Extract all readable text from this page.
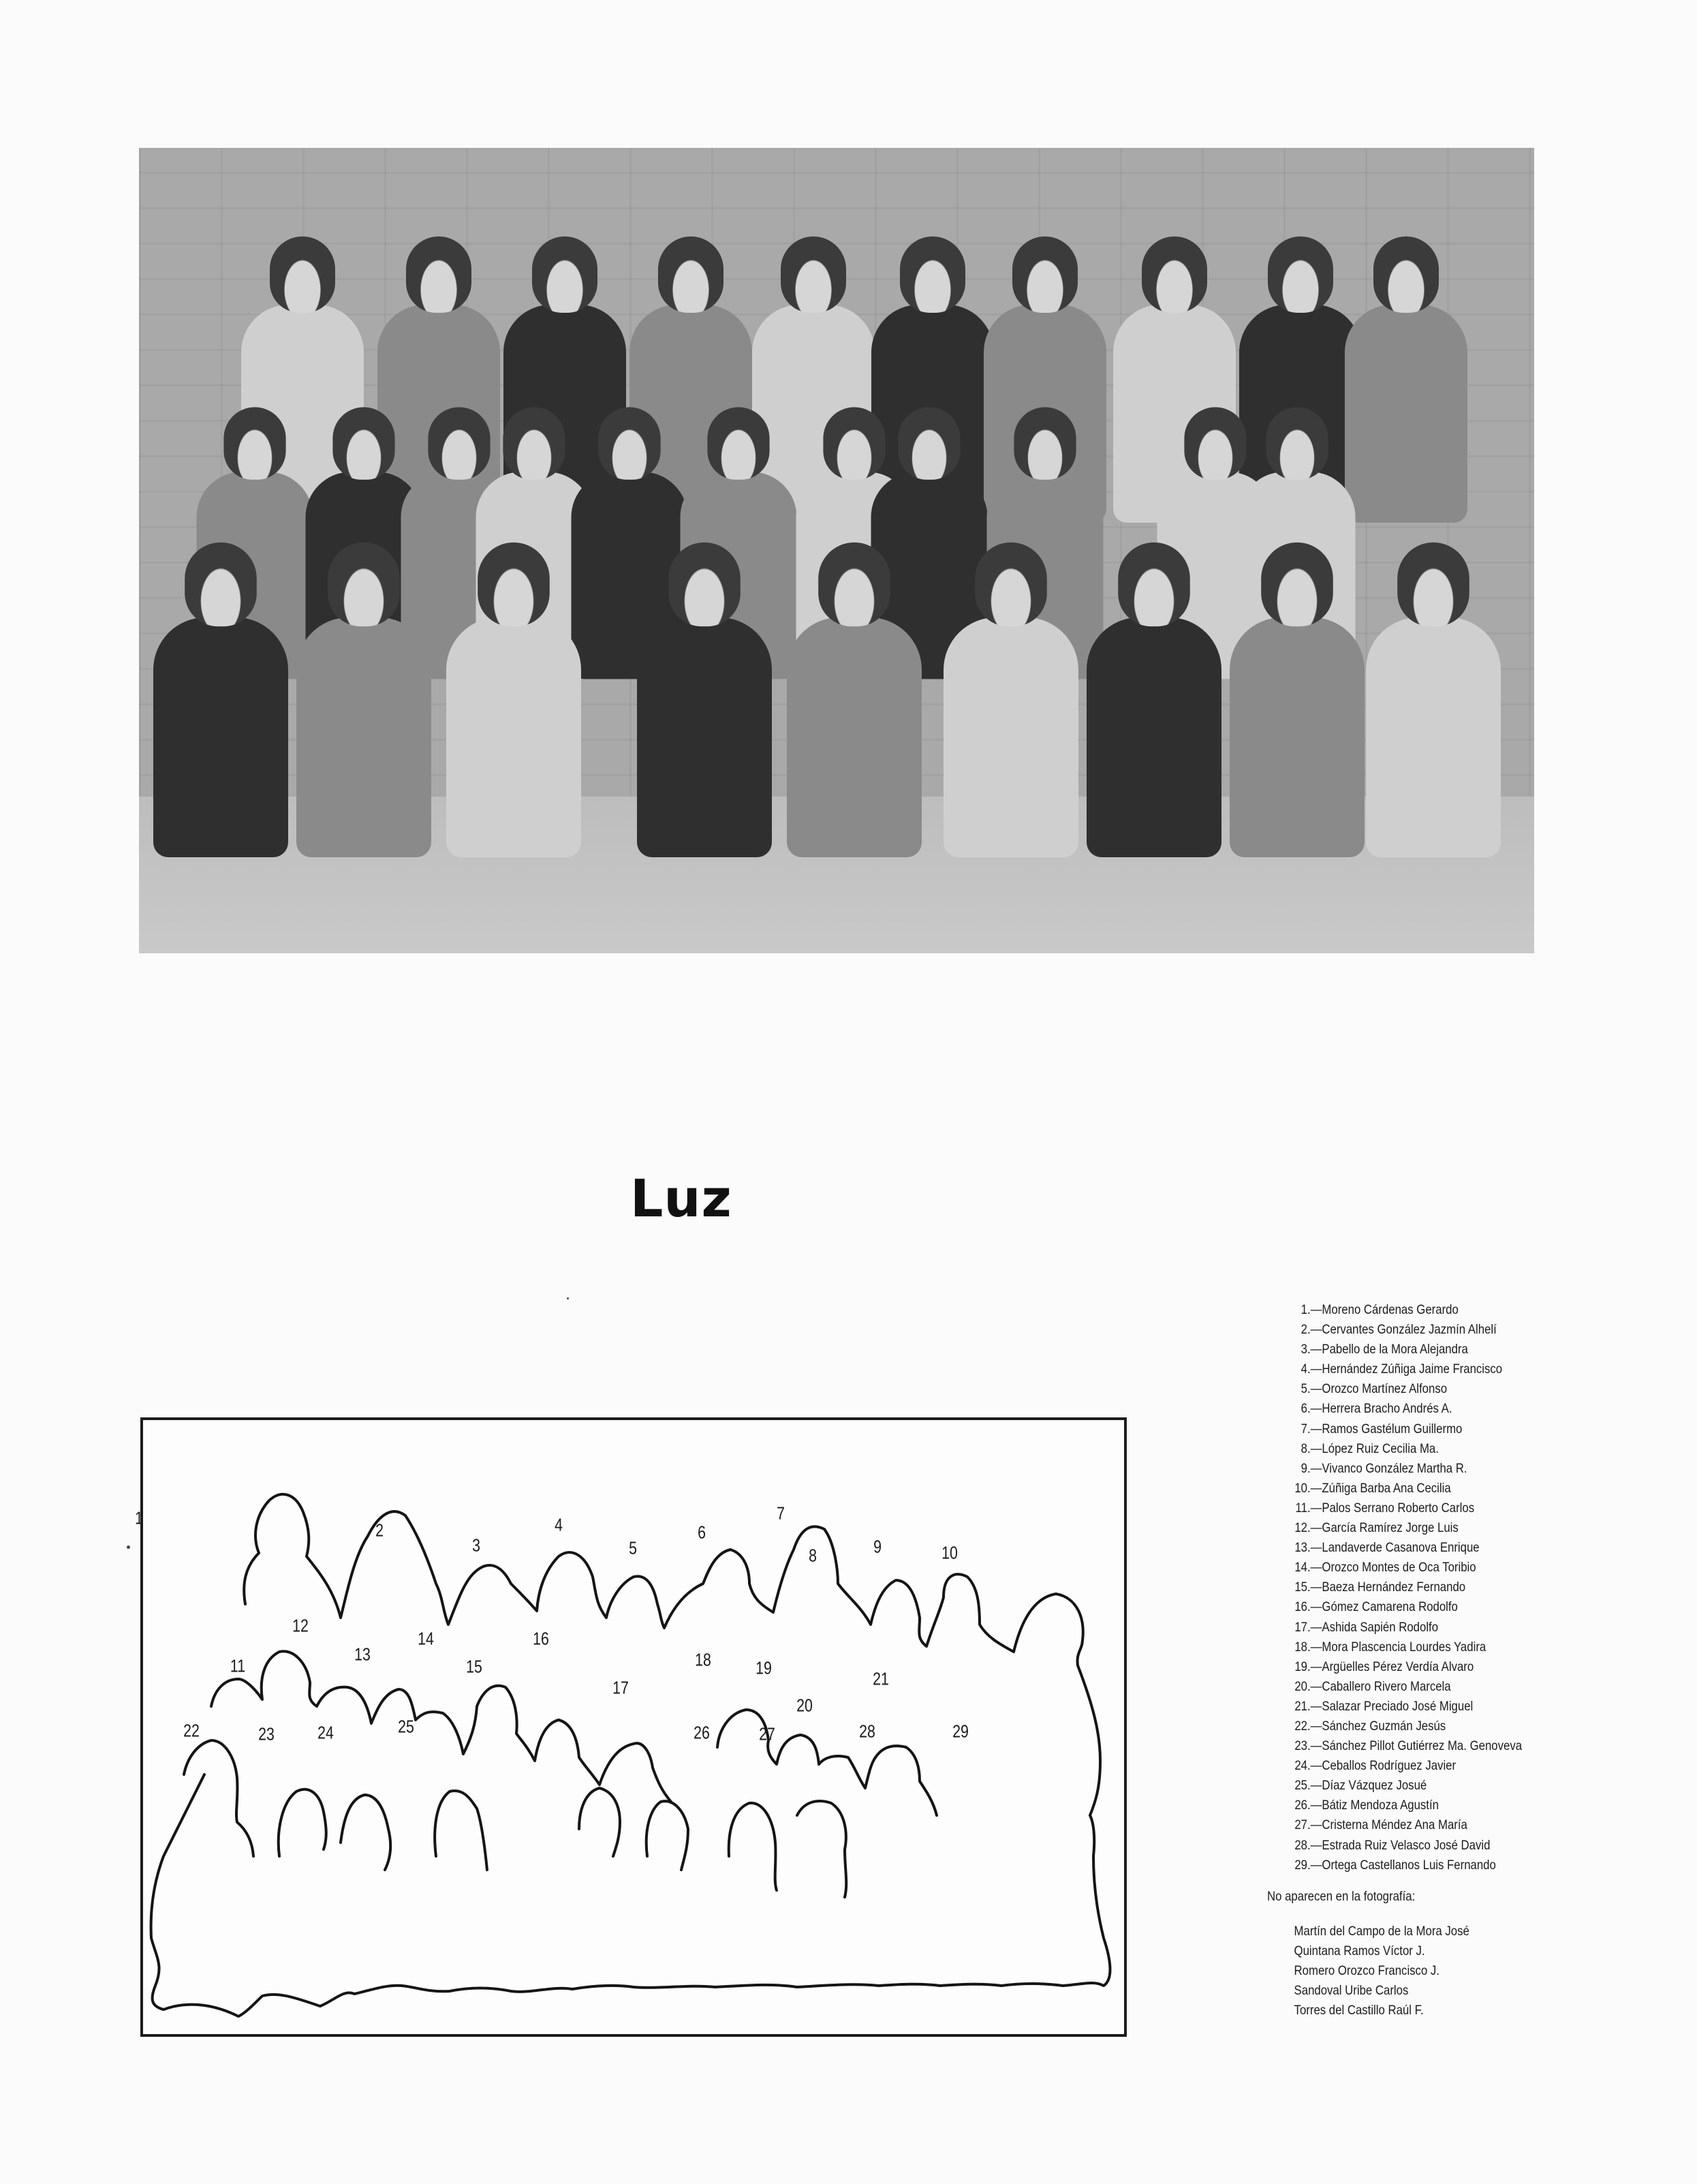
Luz
1
2
3
4
5
6
7
8	9	10
11
12
13
14
15
16
17
18	19
20
21
22	23 24	25	26	27	28	29
1. —Moreno Cárdenas Gerardo
2. —Cervantes González Jazmín Alhelí
3. —Pabello de la Mora Alejandra
4. —Hernández Zúñiga Jaime Francisco
5. —Orozco Martínez Alfonso
6. —Herrera Bracho Andrés A.
7. —Ramos Gastélum Guillermo
8. —López Ruiz Cecilia Ma.
9. —Vivanco González Martha R.
10. —Zúñiga Barba Ana Cecilia
11. —Palos Serrano Roberto Carlos
12. —García Ramírez Jorge Luis
13. —Landaverde Casanova Enrique
14. —Orozco Montes de Oca Toribio
15. —Baeza Hernández Fernando
16. —Gómez Camarena Rodolfo
17. —Ashida Sapién Rodolfo
18. —Mora Plascencia Lourdes Yadira
19. —Argüelles Pérez Verdía Alvaro
20. —Caballero Rivero Marcela
21. —Salazar Preciado José Miguel
22. —Sánchez Guzmán Jesús
23. —Sánchez Pillot Gutiérrez Ma. Genoveva
24. —Ceballos Rodríguez Javier
25. —Díaz Vázquez Josué
26. —Bátiz Mendoza Agustín
27. —Cristerna Méndez Ana María
28. —Estrada Ruiz Velasco José David
29. —Ortega Castellanos Luis Fernando
No aparecen en la fotografía:
Martín del Campo de la Mora José
Quintana Ramos Víctor J.
Romero Orozco Francisco J.
Sandoval Uribe Carlos
Torres del Castillo Raúl F.
